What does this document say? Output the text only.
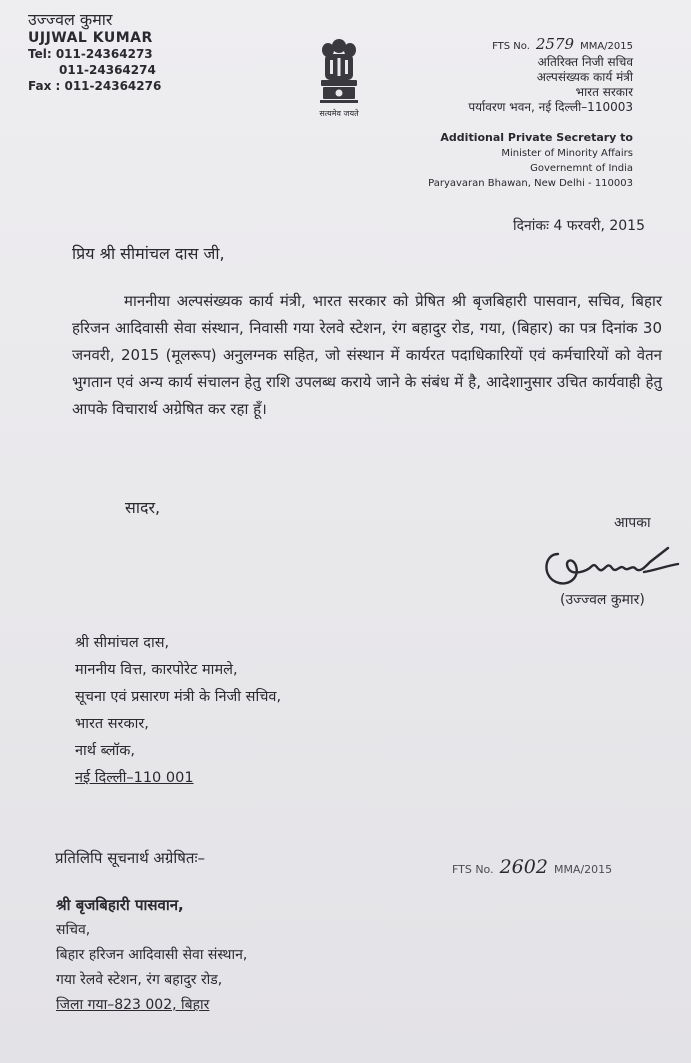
उज्ज्वल कुमार
UJJWAL KUMAR
Tel: 011-24364273
011-24364274
Fax : 011-24364276
सत्यमेव जयते
FTS No. 2579 MMA/2015
अतिरिक्त निजी सचिव
अल्पसंख्यक कार्य मंत्री
भारत सरकार
पर्यावरण भवन, नई दिल्ली–110003
Additional Private Secretary to
Minister of Minority Affairs
Governemnt of India
Paryavaran Bhawan, New Delhi - 110003
दिनांकः 4 फरवरी, 2015
प्रिय श्री सीमांचल दास जी,
माननीया अल्पसंख्यक कार्य मंत्री, भारत सरकार को प्रेषित श्री बृजबिहारी पासवान, सचिव, बिहार हरिजन आदिवासी सेवा संस्थान, निवासी गया रेलवे स्टेशन, रंग बहादुर रोड, गया, (बिहार) का पत्र दिनांक 30 जनवरी, 2015 (मूलरूप) अनुलग्नक सहित, जो संस्थान में कार्यरत पदाधिकारियों एवं कर्मचारियों को वेतन भुगतान एवं अन्य कार्य संचालन हेतु राशि उपलब्ध कराये जाने के संबंध में है, आदेशानुसार उचित कार्यवाही हेतु आपके विचारार्थ अग्रेषित कर रहा हूँ।
सादर,
आपका
(उज्ज्वल कुमार)
श्री सीमांचल दास,
माननीय वित्त, कारपोरेट मामले,
सूचना एवं प्रसारण मंत्री के निजी सचिव,
भारत सरकार,
नार्थ ब्लॉक,
नई दिल्ली–110 001
प्रतिलिपि सूचनार्थ अग्रेषितः–
FTS No. 2602 MMA/2015
श्री बृजबिहारी पासवान,
सचिव,
बिहार हरिजन आदिवासी सेवा संस्थान,
गया रेलवे स्टेशन, रंग बहादुर रोड,
जिला गया–823 002, बिहार
